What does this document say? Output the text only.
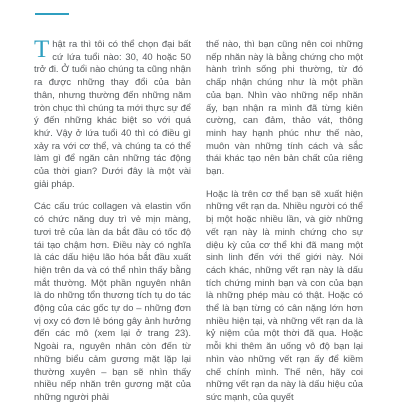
Thật ra thì tôi có thể chọn đại bất cứ lứa tuổi nào: 30, 40 hoặc 50 trở đi. Ở tuổi nào chúng ta cũng nhận ra được những thay đổi của bản thân, nhưng thường đến những năm tròn chục thì chúng ta mới thực sự để ý đến những khác biệt so với quá khứ. Vậy ở lứa tuổi 40 thì có điều gì xảy ra với cơ thể, và chúng ta có thể làm gì để ngăn cản những tác động của thời gian? Dưới đây là một vài giải pháp.

Các cấu trúc collagen và elastin vốn có chức năng duy trì vẻ mịn màng, tươi trẻ của làn da bắt đầu có tốc độ tái tạo chậm hơn. Điều này có nghĩa là các dấu hiệu lão hóa bắt đầu xuất hiện trên da và có thể nhìn thấy bằng mắt thường. Một phần nguyên nhân là do những tổn thương tích tụ do tác động của các gốc tự do – những đơn vị oxy có đơn lẻ bóng gây ảnh hưởng đến các mô (xem lại ở trang 23). Ngoài ra, nguyên nhân còn đến từ những biểu cảm gương mặt lặp lại thường xuyên – bạn sẽ nhìn thấy nhiều nếp nhăn trên gương mặt của những người phải

thế nào, thì bạn cũng nên coi những nếp nhăn này là bằng chứng cho một hành trình sống phi thường, từ đó chấp nhận chúng như là một phần của bạn. Nhìn vào những nếp nhăn ấy, bạn nhận ra mình đã từng kiên cường, can đảm, thảo vát, thông minh hay hạnh phúc như thế nào, muôn vàn những tính cách và sắc thái khác tạo nên bản chất của riêng bạn.

Hoặc là trên cơ thể bạn sẽ xuất hiện những vết rạn da. Nhiều người có thể bị một hoặc nhiều lần, và giờ những vết rạn này là minh chứng cho sự diệu kỳ của cơ thể khi đã mang một sinh linh đến với thế giới này. Nói cách khác, những vết rạn này là dấu tích chứng minh bạn và con của bạn là những phép màu có thật. Hoặc có thể là bạn từng có cân nặng lớn hơn nhiều hiện tại, và những vết rạn da là kỷ niệm của một thời đã qua. Hoặc mỗi khi thêm ăn uống vô độ bạn lại nhìn vào những vết rạn ấy để kiềm chế chính mình. Thế nên, hãy coi những vết rạn da này là dấu hiệu của sức mạnh, của quyết
